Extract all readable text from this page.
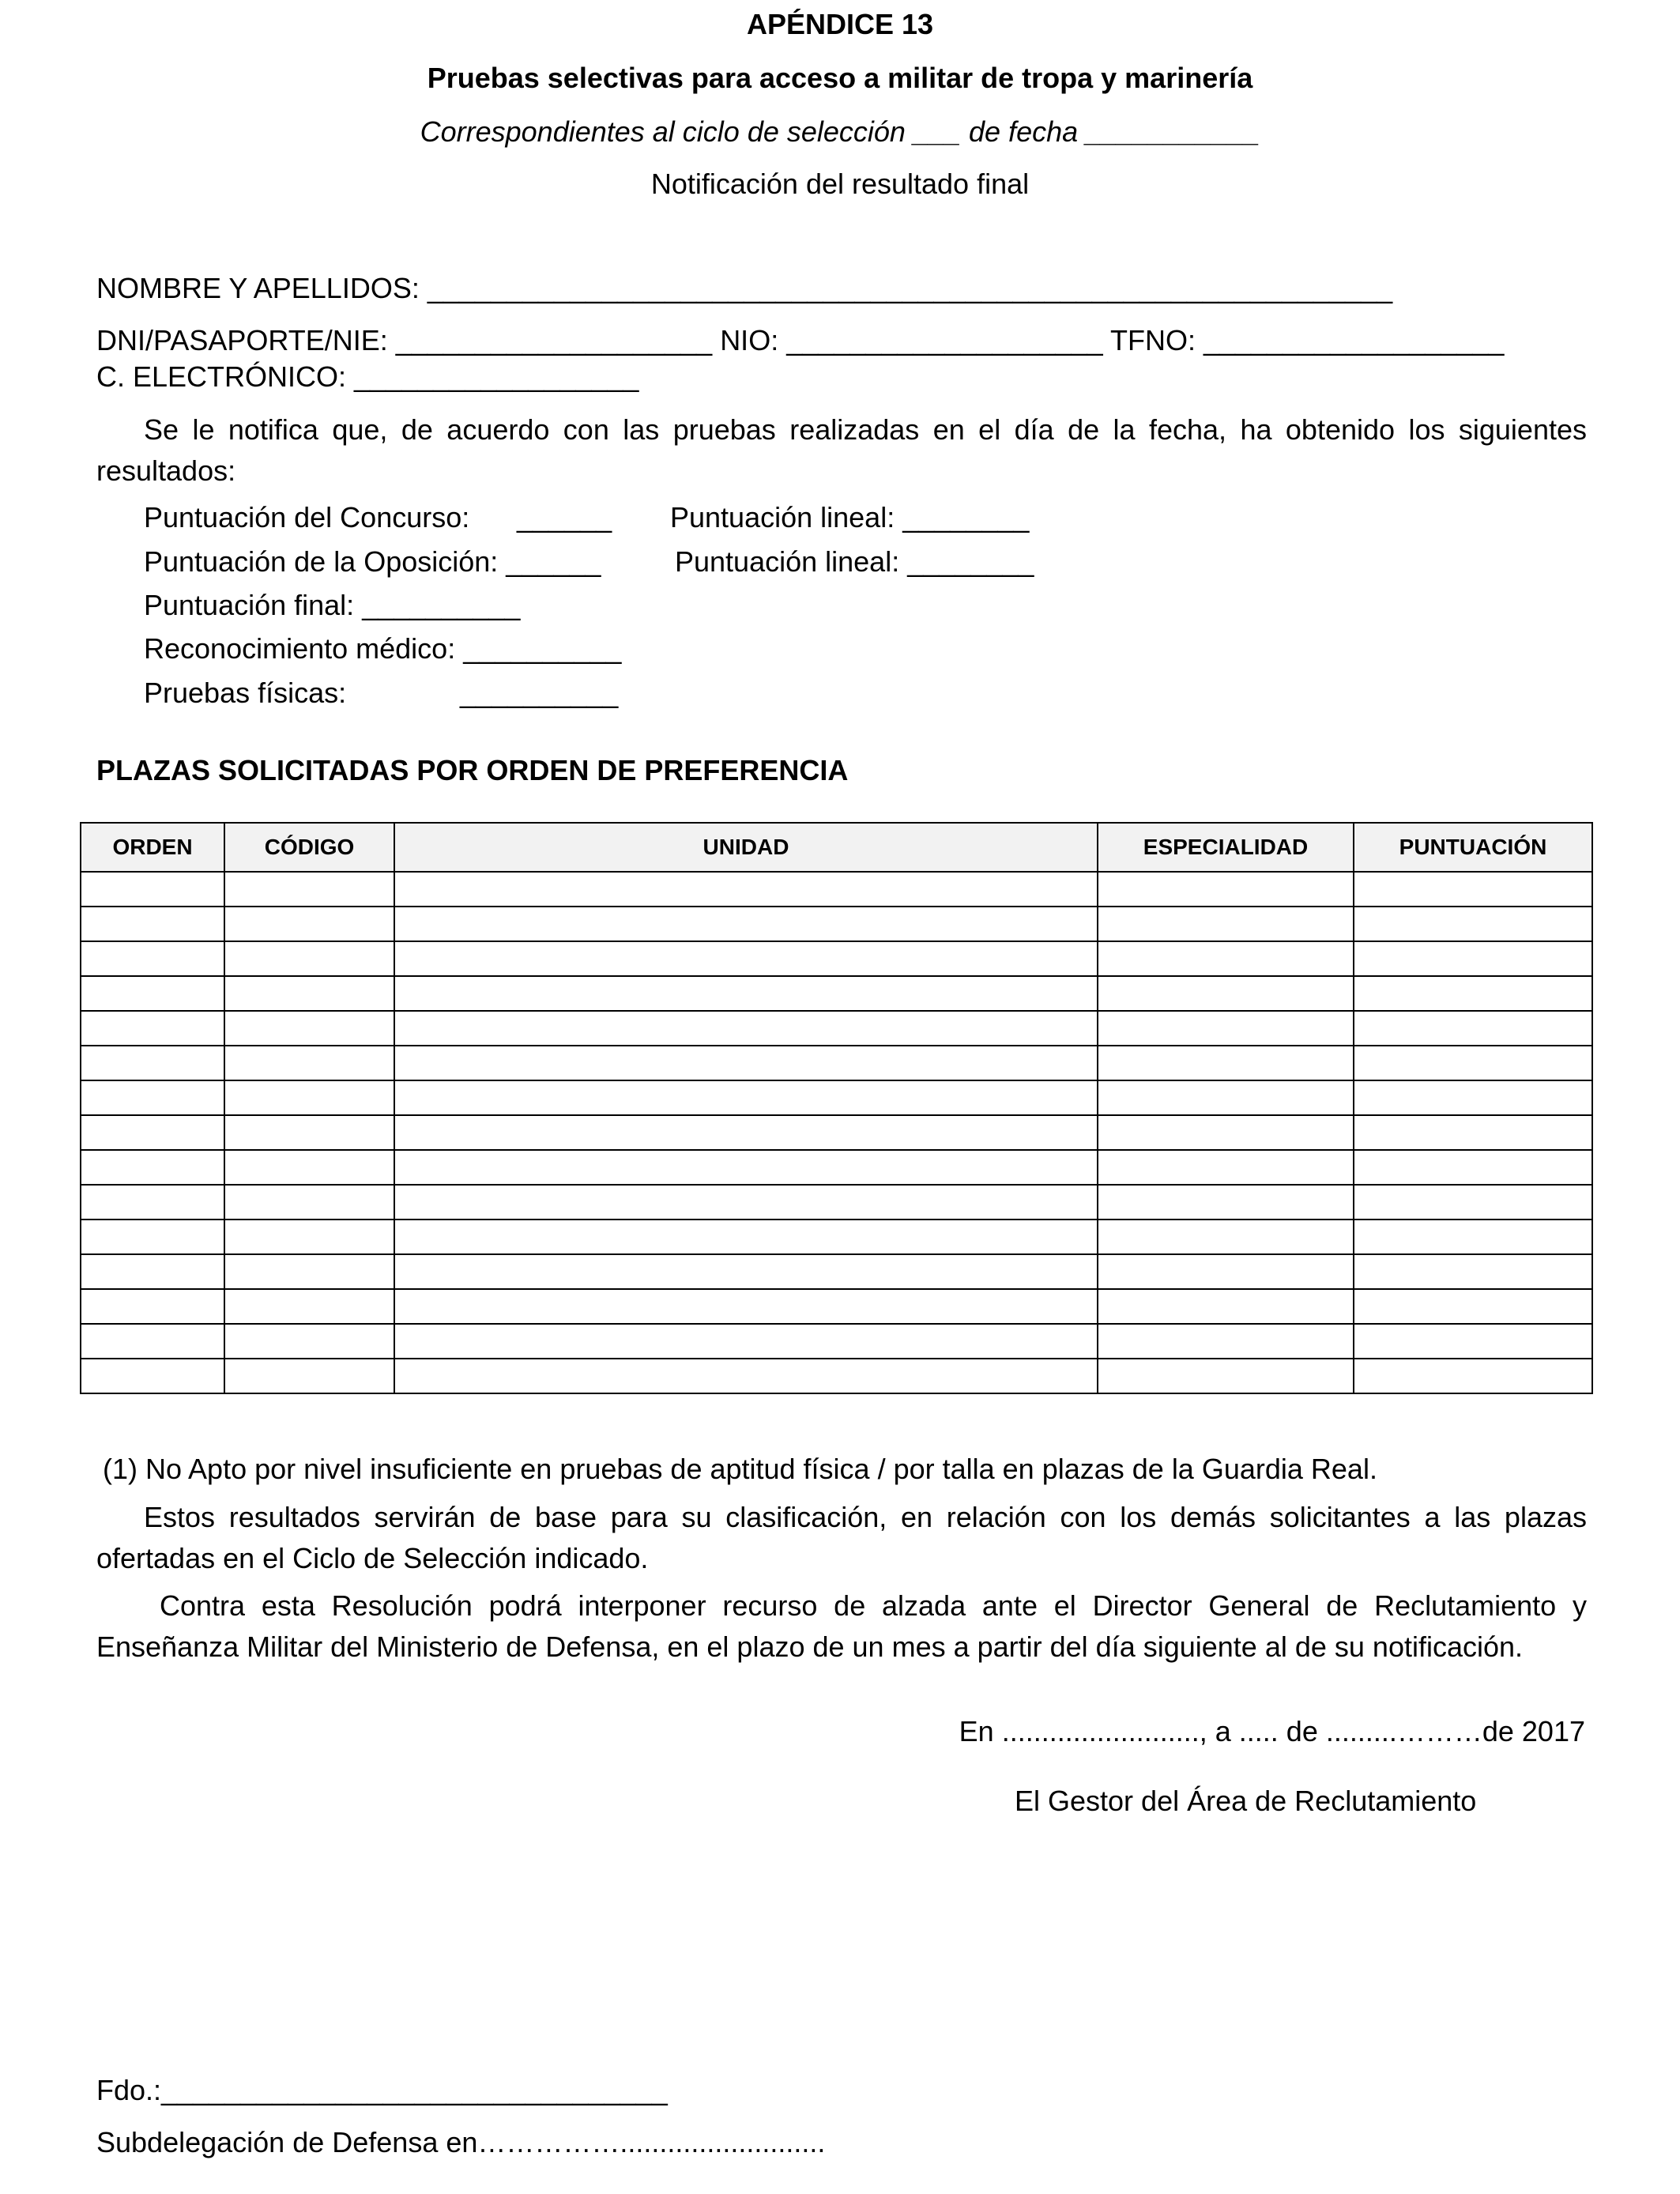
APÉNDICE 13
Pruebas selectivas para acceso a militar de tropa y marinería
Correspondientes al ciclo de selección ___ de fecha ___________
Notificación del resultado final
NOMBRE Y APELLIDOS: _____________________________________________________________
DNI/PASAPORTE/NIE: ____________________ NIO: ____________________ TFNO: ___________________
C. ELECTRÓNICO: __________________
Se le notifica que, de acuerdo con las pruebas realizadas en el día de la fecha, ha obtenido los siguientes resultados:
Puntuación del Concurso: ______ Puntuación lineal: ________
Puntuación de la Oposición: ______	Puntuación lineal: ________
Puntuación final: __________
Reconocimiento médico: __________
Pruebas físicas:	__________
PLAZAS SOLICITADAS POR ORDEN DE PREFERENCIA
ORDEN	CÓDIGO	UNIDAD	ESPECIALIDAD	PUNTUACIÓN

(1) No Apto por nivel insuficiente en pruebas de aptitud física / por talla en plazas de la Guardia Real.
Estos resultados servirán de base para su clasificación, en relación con los demás solicitantes a las plazas ofertadas en el Ciclo de Selección indicado.
Contra esta Resolución podrá interponer recurso de alzada ante el Director General de Reclutamiento y Enseñanza Militar del Ministerio de Defensa, en el plazo de un mes a partir del día siguiente al de su notificación.
En ........................., a ..... de .........………de 2017
El Gestor del Área de Reclutamiento
Fdo.:________________________________
Subdelegación de Defensa en……………..........................
